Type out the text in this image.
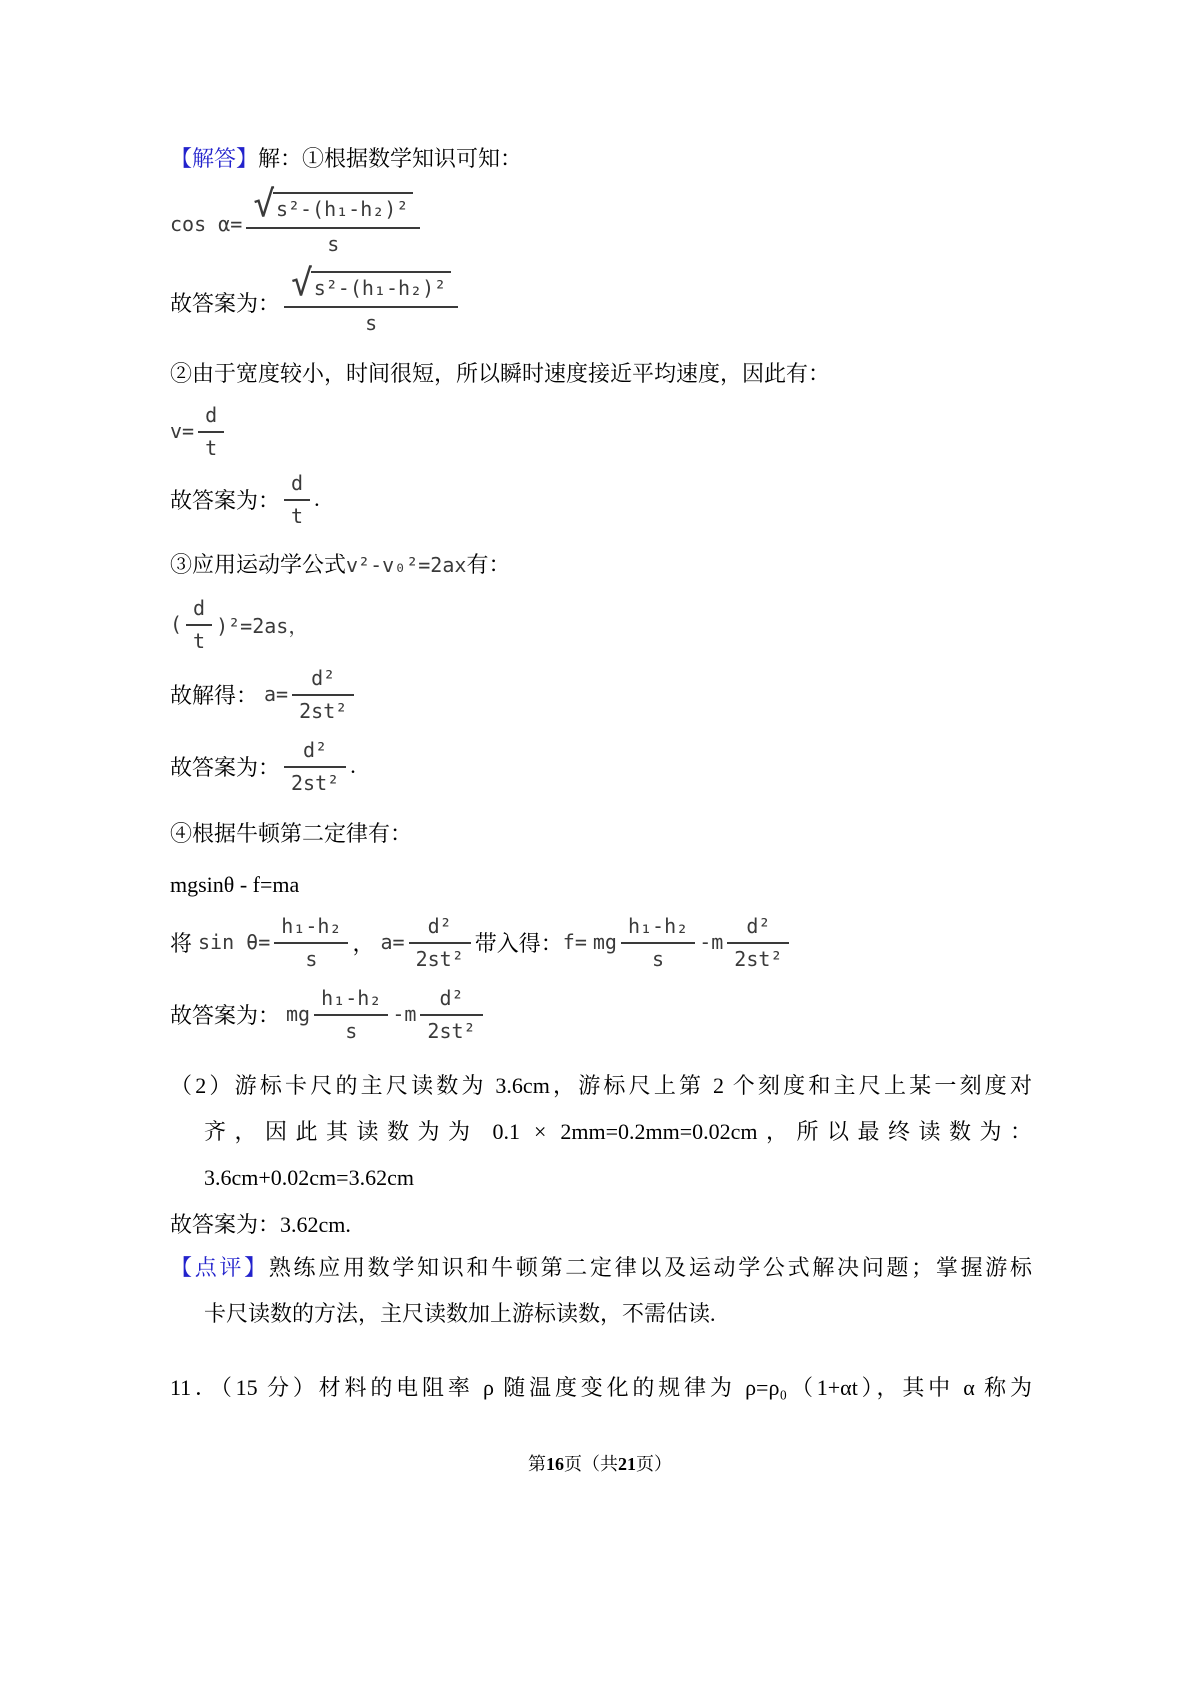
【解答】解：①根据数学知识可知：
$\cos \alpha= \frac{\text{√ s²-(h₁-h₂)²}}{s}$
故答案为： $\frac{\text{√ s²-(h₁-h₂)²}}{s}$
②由于宽度较小，时间很短，所以瞬时速度接近平均速度，因此有：
$v= \frac{d}{t}$
故答案为： $\frac{d}{t}$ .
③应用运动学公式v²-v₀²=2ax有：
( $\frac{d}{t} )^2=2as$，
故解得： $a= \frac{\text{d²}}{\text{2st²}}$
故答案为： $\frac{\text{d²}}{\text{2st²}}$ .
④根据牛顿第二定律有：
mgsinθ - f=ma
将 $\sin \theta= \frac{\text{h₁-h₂}}{s}$ ， $a= \frac{\text{d²}}{\text{2st²}}$ 带入得： f= mg $\frac{\text{h₁-h₂}}{s}$ - m $\frac{\text{d²}}{\text{2st²}}$
故答案为： mg $\frac{\text{h₁-h₂}}{s}$ - m $\frac{\text{d²}}{\text{2st²}}$
（2）游标卡尺的主尺读数为 3.6cm，游标尺上第 2 个刻度和主尺上某一刻度对
齐，因此其读数为为 0.1 × 2mm=0.2mm=0.02cm，所以最终读数为：
3.6cm+0.02cm=3.62cm
故答案为：3.62cm.
【点评】熟练应用数学知识和牛顿第二定律以及运动学公式解决问题；掌握游标
卡尺读数的方法，主尺读数加上游标读数，不需估读.
11．（15 分）材料的电阻率 ρ 随温度变化的规律为 ρ=ρ₀（1+αt），其中 α 称为
第16页（共21页）
